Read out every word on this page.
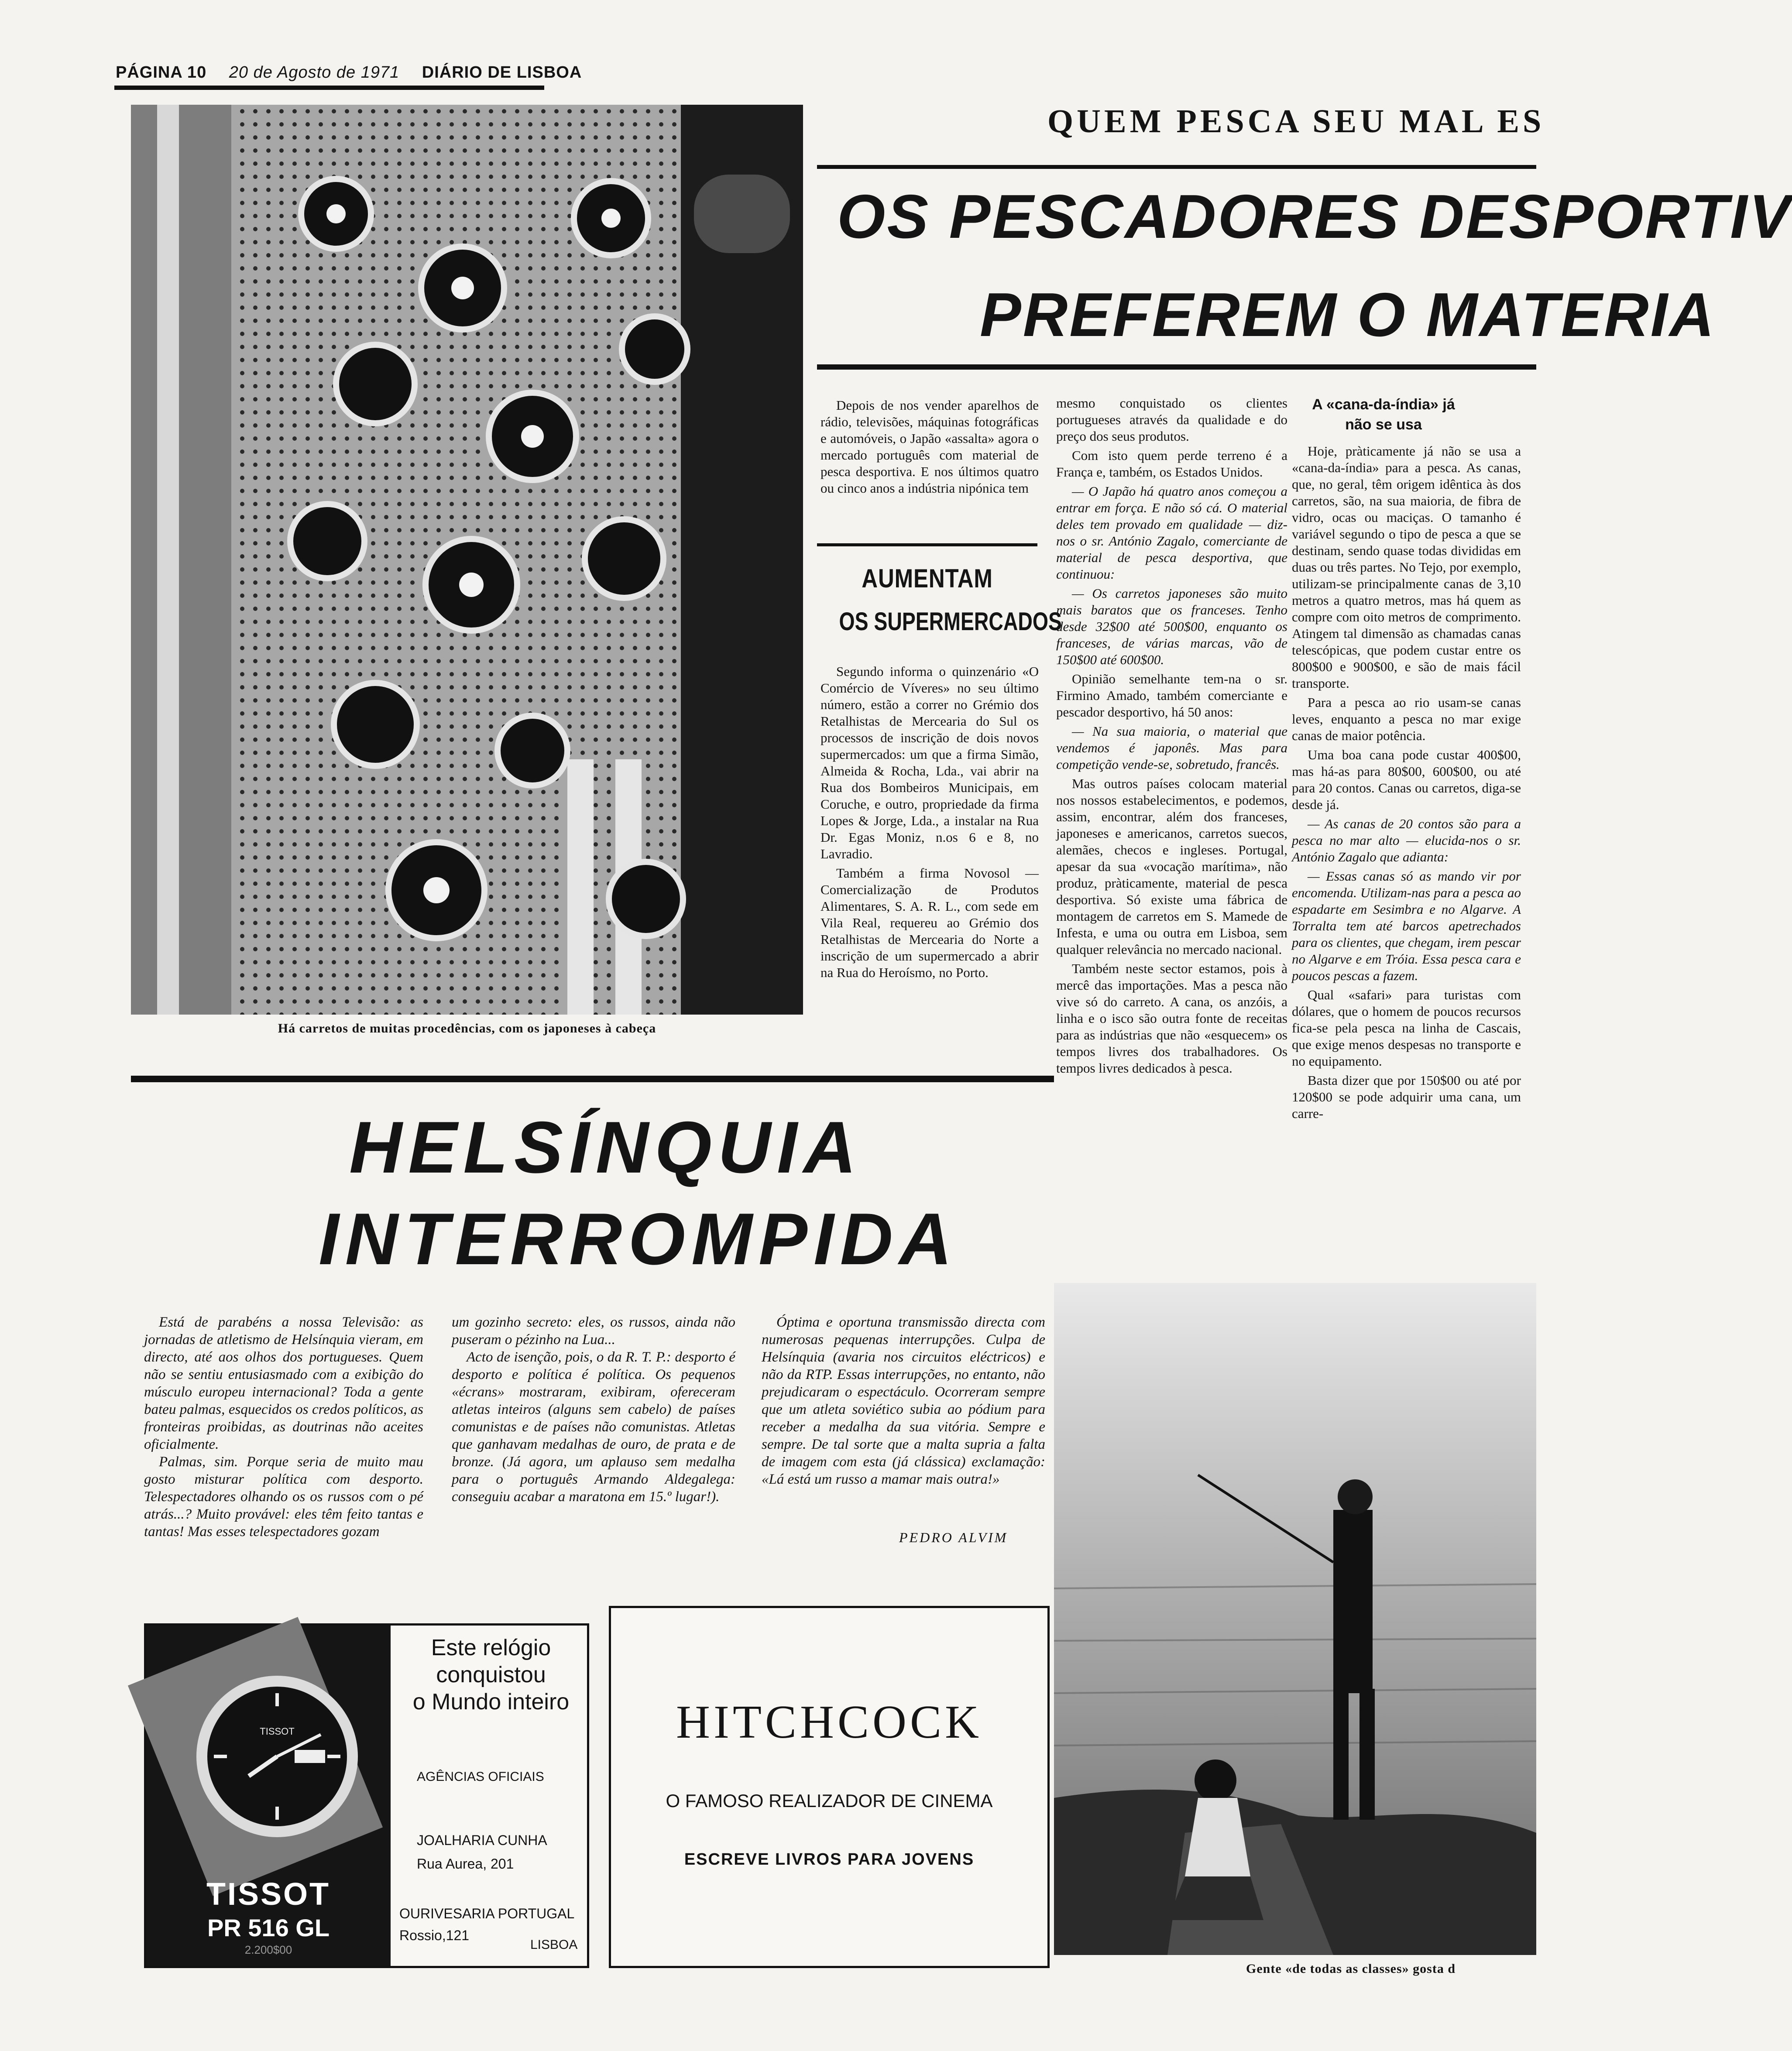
PÁGINA 10 20 de Agosto de 1971 DIÁRIO DE LISBOA
Há carretos de muitas procedências, com os japoneses à cabeça
QUEM PESCA SEU MAL ES
OS PESCADORES DESPORTIV
PREFEREM O MATERIA

Depois de nos vender aparelhos de rádio, televisões, máquinas fotográficas e automóveis, o Japão «assalta» agora o mercado português com material de pesca desportiva. E nos últimos quatro ou cinco anos a indústria nipónica tem

AUMENTAM
OS SUPERMERCADOS

Segundo informa o quinzenário «O Comércio de Víveres» no seu último número, estão a correr no Grémio dos Retalhistas de Mercearia do Sul os processos de inscrição de dois novos supermercados: um que a firma Simão, Almeida & Rocha, Lda., vai abrir na Rua dos Bombeiros Municipais, em Coruche, e outro, propriedade da firma Lopes & Jorge, Lda., a instalar na Rua Dr. Egas Moniz, n.os 6 e 8, no Lavradio.

Também a firma Novosol — Comercialização de Produtos Alimentares, S. A. R. L., com sede em Vila Real, requereu ao Grémio dos Retalhistas de Mercearia do Norte a inscrição de um supermercado a abrir na Rua do Heroísmo, no Porto.

mesmo conquistado os clientes portugueses através da qualidade e do preço dos seus produtos.

Com isto quem perde terreno é a França e, também, os Estados Unidos.

— O Japão há quatro anos começou a entrar em força. E não só cá. O material deles tem provado em qualidade — diz-nos o sr. António Zagalo, comerciante de material de pesca desportiva, que continuou:

— Os carretos japoneses são muito mais baratos que os franceses. Tenho desde 32$00 até 500$00, enquanto os franceses, de várias marcas, vão de 150$00 até 600$00.

Opinião semelhante tem-na o sr. Firmino Amado, também comerciante e pescador desportivo, há 50 anos:

— Na sua maioria, o material que vendemos é japonês. Mas para competição vende-se, sobretudo, francês.

Mas outros países colocam material nos nossos estabelecimentos, e podemos, assim, encontrar, além dos franceses, japoneses e americanos, carretos suecos, alemães, checos e ingleses. Portugal, apesar da sua «vocação marítima», não produz, pràticamente, material de pesca desportiva. Só existe uma fábrica de montagem de carretos em S. Mamede de Infesta, e uma ou outra em Lisboa, sem qualquer relevância no mercado nacional.

Também neste sector estamos, pois à mercê das importações. Mas a pesca não vive só do carreto. A cana, os anzóis, a linha e o isco são outra fonte de receitas para as indústrias que não «esquecem» os tempos livres dos trabalhadores. Os tempos livres dedicados à pesca.

A «cana-da-índia» já não se usa

Hoje, pràticamente já não se usa a «cana-da-índia» para a pesca. As canas, que, no geral, têm origem idêntica às dos carretos, são, na sua maioria, de fibra de vidro, ocas ou maciças. O tamanho é variável segundo o tipo de pesca a que se destinam, sendo quase todas divididas em duas ou três partes. No Tejo, por exemplo, utilizam-se principalmente canas de 3,10 metros a quatro metros, mas há quem as compre com oito metros de comprimento. Atingem tal dimensão as chamadas canas telescópicas, que podem custar entre os 800$00 e 900$00, e são de mais fácil transporte.

Para a pesca ao rio usam-se canas leves, enquanto a pesca no mar exige canas de maior potência.

Uma boa cana pode custar 400$00, mas há-as para 80$00, 600$00, ou até para 20 contos. Canas ou carretos, diga-se desde já.

— As canas de 20 contos são para a pesca no mar alto — elucida-nos o sr. António Zagalo que adianta:

— Essas canas só as mando vir por encomenda. Utilizam-nas para a pesca ao espadarte em Sesimbra e no Algarve. A Torralta tem até barcos apetrechados para os clientes, que chegam, irem pescar no Algarve e em Tróia. Essa pesca cara e poucos pescas a fazem.

Qual «safari» para turistas com dólares, que o homem de poucos recursos fica-se pela pesca na linha de Cascais, que exige menos despesas no transporte e no equipamento.

Basta dizer que por 150$00 ou até por 120$00 se pode adquirir uma cana, um carre-

HELSÍNQUIA
INTERROMPIDA

Está de parabéns a nossa Televisão: as jornadas de atletismo de Helsínquia vieram, em directo, até aos olhos dos portugueses. Quem não se sentiu entusiasmado com a exibição do músculo europeu internacional? Toda a gente bateu palmas, esquecidos os credos políticos, as fronteiras proibidas, as doutrinas não aceites oficialmente.

Palmas, sim. Porque seria de muito mau gosto misturar política com desporto. Telespectadores olhando os os russos com o pé atrás...? Muito provável: eles têm feito tantas e tantas! Mas esses telespectadores gozam

um gozinho secreto: eles, os russos, ainda não puseram o pézinho na Lua...

Acto de isenção, pois, o da R. T. P.: desporto é desporto e política é política. Os pequenos «écrans» mostraram, exibiram, ofereceram atletas inteiros (alguns sem cabelo) de países comunistas e de países não comunistas. Atletas que ganhavam medalhas de ouro, de prata e de bronze. (Já agora, um aplauso sem medalha para o português Armando Aldegalega: conseguiu acabar a maratona em 15.º lugar!).

Óptima e oportuna transmissão directa com numerosas pequenas interrupções. Culpa de Helsínquia (avaria nos circuitos eléctricos) e não da RTP. Essas interrupções, no entanto, não prejudicaram o espectáculo. Ocorreram sempre que um atleta soviético subia ao pódium para receber a medalha da sua vitória. Sempre e sempre. De tal sorte que a malta supria a falta de imagem com esta (já clássica) exclamação: «Lá está um russo a mamar mais outra!»

PEDRO ALVIM
TISSOT
TISSOT
PR 516 GL
2.200$00
Este relógio
conquistou
o Mundo inteiro
AGÊNCIAS OFICIAIS
JOALHARIA CUNHA
Rua Aurea, 201
OURIVESARIA PORTUGAL
Rossio,121
LISBOA
HITCHCOCK
O FAMOSO REALIZADOR DE CINEMA
ESCREVE LIVROS PARA JOVENS
Gente «de todas as classes» gosta d
